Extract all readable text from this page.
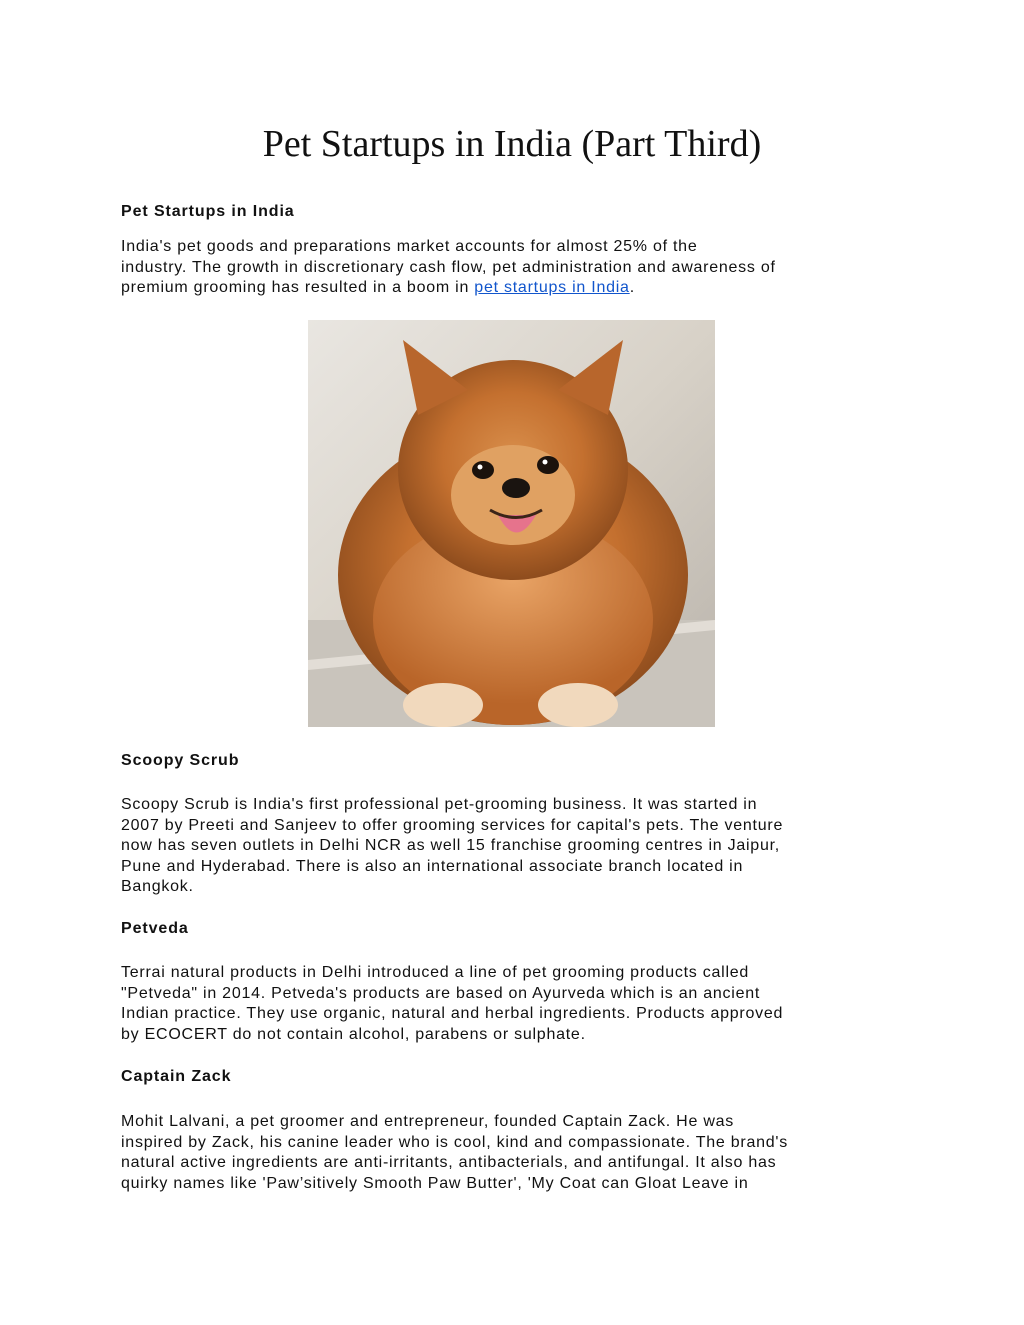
Pet Startups in India (Part Third)
Pet Startups in India
India's pet goods and preparations market accounts for almost 25% of the
industry. The growth in discretionary cash flow, pet administration and awareness of
premium grooming has resulted in a boom in pet startups in India.
Scoopy Scrub
Scoopy Scrub is India's first professional pet-grooming business. It was started in
2007 by Preeti and Sanjeev to offer grooming services for capital's pets. The venture
now has seven outlets in Delhi NCR as well 15 franchise grooming centres in Jaipur,
Pune and Hyderabad. There is also an international associate branch located in
Bangkok.
Petveda
Terrai natural products in Delhi introduced a line of pet grooming products called
"Petveda" in 2014. Petveda's products are based on Ayurveda which is an ancient
Indian practice. They use organic, natural and herbal ingredients. Products approved
by ECOCERT do not contain alcohol, parabens or sulphate.
Captain Zack
Mohit Lalvani, a pet groomer and entrepreneur, founded Captain Zack. He was
inspired by Zack, his canine leader who is cool, kind and compassionate. The brand's
natural active ingredients are anti-irritants, antibacterials, and antifungal. It also has
quirky names like 'Paw’sitively Smooth Paw Butter', 'My Coat can Gloat Leave in
